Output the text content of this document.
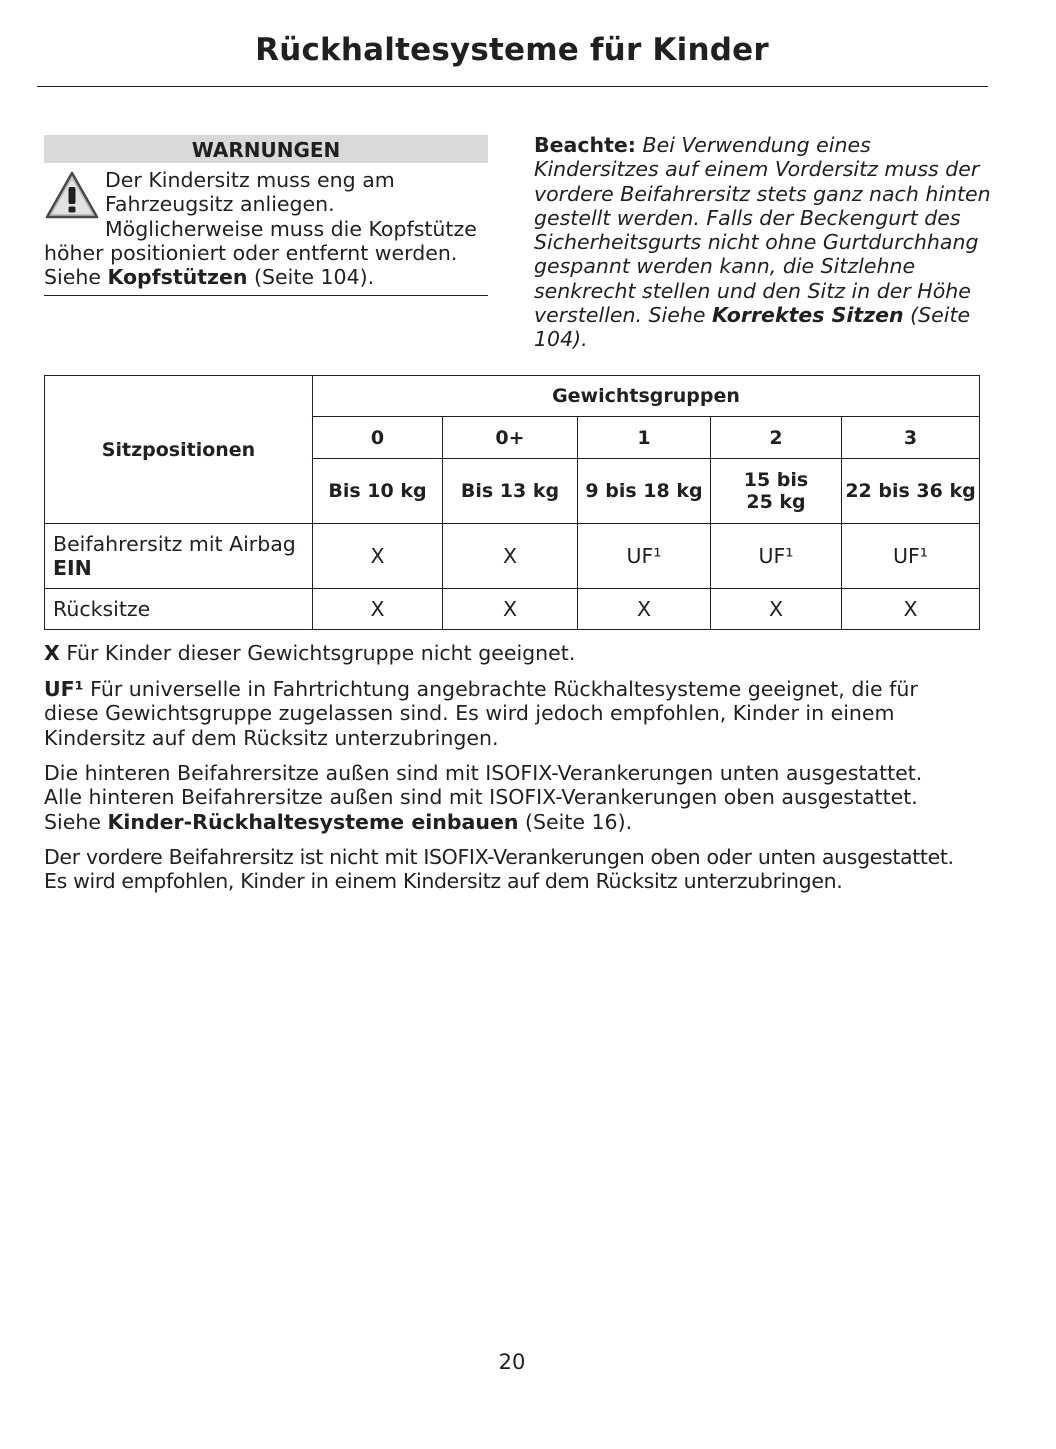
Rückhaltesysteme für Kinder
WARNUNGEN
Der Kindersitz muss eng am
Fahrzeugsitz anliegen.
Möglicherweise muss die Kopfstütze
höher positioniert oder entfernt werden.
Siehe Kopfstützen (Seite 104).
Beachte: Bei Verwendung eines
Kindersitzes auf einem Vordersitz muss der
vordere Beifahrersitz stets ganz nach hinten
gestellt werden. Falls der Beckengurt des
Sicherheitsgurts nicht ohne Gurtdurchhang
gespannt werden kann, die Sitzlehne
senkrecht stellen und den Sitz in der Höhe
verstellen. Siehe Korrektes Sitzen (Seite
104).
Sitzpositionen	Gewichtsgruppen				
	0	0+	1	2	3
	Bis 10 kg	Bis 13 kg	9 bis 18 kg	15 bis
25 kg	22 bis 36 kg
Beifahrersitz mit Airbag
EIN	X	X	UF¹	UF¹	UF¹
Rücksitze	X	X	X	X	X
X Für Kinder dieser Gewichtsgruppe nicht geeignet.
UF¹ Für universelle in Fahrtrichtung angebrachte Rückhaltesysteme geeignet, die für
diese Gewichtsgruppe zugelassen sind. Es wird jedoch empfohlen, Kinder in einem
Kindersitz auf dem Rücksitz unterzubringen.
Die hinteren Beifahrersitze außen sind mit ISOFIX-Verankerungen unten ausgestattet.
Alle hinteren Beifahrersitze außen sind mit ISOFIX-Verankerungen oben ausgestattet.
Siehe Kinder-Rückhaltesysteme einbauen (Seite 16).
Der vordere Beifahrersitz ist nicht mit ISOFIX-Verankerungen oben oder unten ausgestattet.
Es wird empfohlen, Kinder in einem Kindersitz auf dem Rücksitz unterzubringen.
20
